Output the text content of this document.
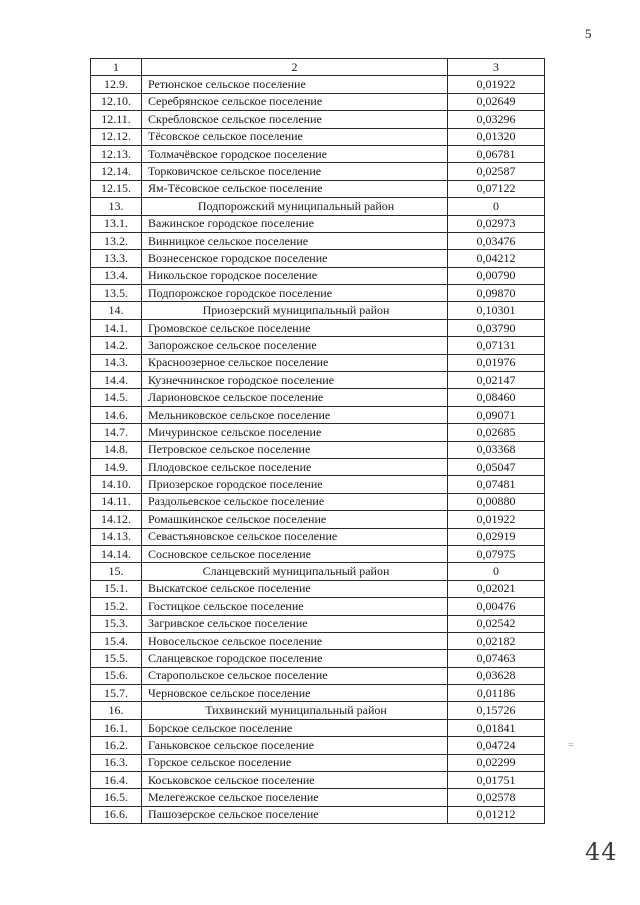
5
1	2	3
12.9.	Ретюнское сельское поселение	0,01922
12.10.	Серебрянское сельское поселение	0,02649
12.11.	Скребловское сельское поселение	0,03296
12.12.	Тёсовское сельское поселение	0,01320
12.13.	Толмачёвское городское поселение	0,06781
12.14.	Торковичское сельское поселение	0,02587
12.15.	Ям-Тёсовское сельское поселение	0,07122
13.	Подпорожский муниципальный район	0
13.1.	Важинское городское поселение	0,02973
13.2.	Винницкое сельское поселение	0,03476
13.3.	Вознесенское городское поселение	0,04212
13.4.	Никольское городское поселение	0,00790
13.5.	Подпорожское городское поселение	0,09870
14.	Приозерский муниципальный район	0,10301
14.1.	Громовское сельское поселение	0,03790
14.2.	Запорожское сельское поселение	0,07131
14.3.	Красноозерное сельское поселение	0,01976
14.4.	Кузнечнинское городское поселение	0,02147
14.5.	Ларионовское сельское поселение	0,08460
14.6.	Мельниковское сельское поселение	0,09071
14.7.	Мичуринское сельское поселение	0,02685
14.8.	Петровское сельское поселение	0,03368
14.9.	Плодовское сельское поселение	0,05047
14.10.	Приозерское городское поселение	0,07481
14.11.	Раздольевское сельское поселение	0,00880
14.12.	Ромашкинское сельское поселение	0,01922
14.13.	Севастьяновское сельское поселение	0,02919
14.14.	Сосновское сельское поселение	0,07975
15.	Сланцевский муниципальный район	0
15.1.	Выскатское сельское поселение	0,02021
15.2.	Гостицкое сельское поселение	0,00476
15.3.	Загривское сельское поселение	0,02542
15.4.	Новосельское сельское поселение	0,02182
15.5.	Сланцевское городское поселение	0,07463
15.6.	Старопольское сельское поселение	0,03628
15.7.	Черновское сельское поселение	0,01186
16.	Тихвинский муниципальный район	0,15726
16.1.	Борское сельское поселение	0,01841
16.2.	Ганьковское сельское поселение	0,04724
16.3.	Горское сельское поселение	0,02299
16.4.	Коськовское сельское поселение	0,01751
16.5.	Мелегежское сельское поселение	0,02578
16.6.	Пашозерское сельское поселение	0,01212
44
=
